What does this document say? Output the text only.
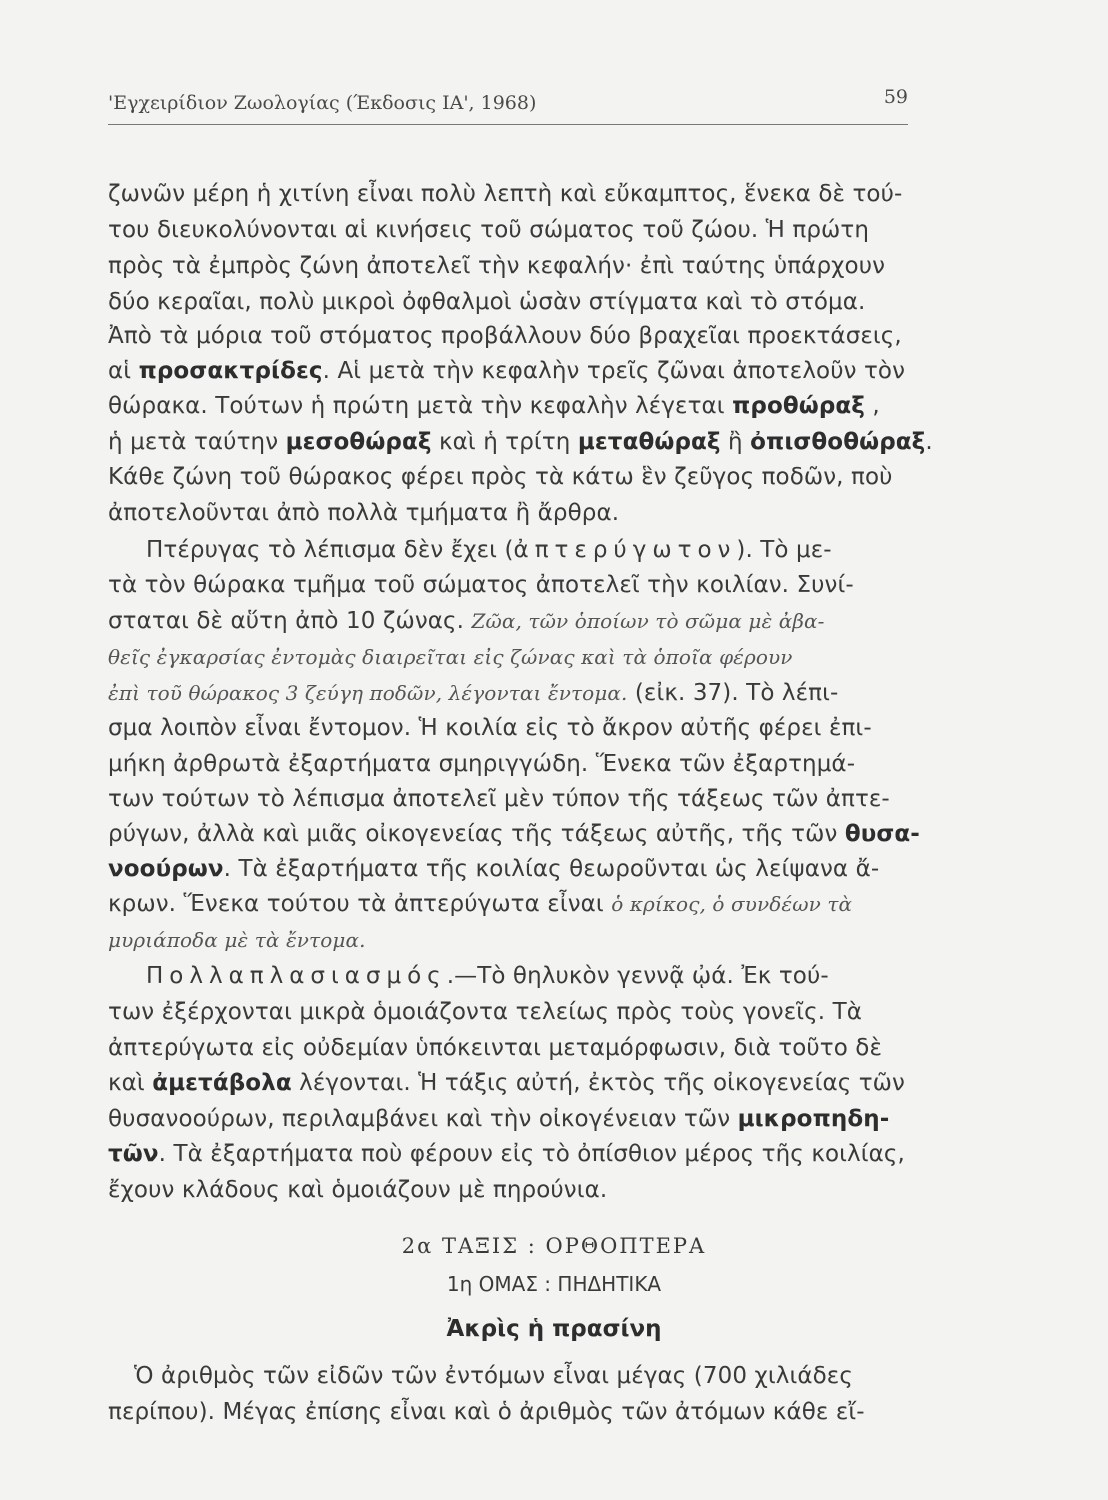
'Εγχειρίδιον Ζωολογίας (Έκδοσις ΙΑ', 1968)	59
ζωνῶν μέρη ἡ χιτίνη εἶναι πολὺ λεπτὴ καὶ εὔκαμπτος, ἕνεκα δὲ τού-
του διευκολύνονται αἱ κινήσεις τοῦ σώματος τοῦ ζώου. Ἡ πρώτη
πρὸς τὰ ἐμπρὸς ζώνη ἀποτελεῖ τὴν κεφαλήν· ἐπὶ ταύτης ὑπάρχουν
δύο κεραῖαι, πολὺ μικροὶ ὀφθαλμοὶ ὡσὰν στίγματα καὶ τὸ στόμα.
Ἀπὸ τὰ μόρια τοῦ στόματος προβάλλουν δύο βραχεῖαι προεκτάσεις,
αἱ προσακτρίδες. Αἱ μετὰ τὴν κεφαλὴν τρεῖς ζῶναι ἀποτελοῦν τὸν
θώρακα. Τούτων ἡ πρώτη μετὰ τὴν κεφαλὴν λέγεται προθώραξ ,
ἡ μετὰ ταύτην μεσοθώραξ καὶ ἡ τρίτη μεταθώραξ ἢ ὀπισθοθώραξ.
Κάθε ζώνη τοῦ θώρακος φέρει πρὸς τὰ κάτω ἓν ζεῦγος ποδῶν, ποὺ
ἀποτελοῦνται ἀπὸ πολλὰ τμήματα ἢ ἄρθρα.
Πτέρυγας τὸ λέπισμα δὲν ἔχει (ἀπτερύγωτον). Τὸ με-
τὰ τὸν θώρακα τμῆμα τοῦ σώματος ἀποτελεῖ τὴν κοιλίαν. Συνί-
σταται δὲ αὕτη ἀπὸ 10 ζώνας. Ζῶα, τῶν ὁποίων τὸ σῶμα μὲ ἀβα-
θεῖς ἐγκαρσίας ἐντομὰς διαιρεῖται εἰς ζώνας καὶ τὰ ὁποῖα φέρουν
ἐπὶ τοῦ θώρακος 3 ζεύγη ποδῶν, λέγονται ἔντομα. (εἰκ. 37). Τὸ λέπι-
σμα λοιπὸν εἶναι ἔντομον. Ἡ κοιλία εἰς τὸ ἄκρον αὐτῆς φέρει ἐπι-
μήκη ἀρθρωτὰ ἐξαρτήματα σμηριγγώδη. Ἕνεκα τῶν ἐξαρτημά-
των τούτων τὸ λέπισμα ἀποτελεῖ μὲν τύπον τῆς τάξεως τῶν ἀπτε-
ρύγων, ἀλλὰ καὶ μιᾶς οἰκογενείας τῆς τάξεως αὐτῆς, τῆς τῶν θυσα-
νοούρων. Τὰ ἐξαρτήματα τῆς κοιλίας θεωροῦνται ὡς λείψανα ἄ-
κρων. Ἕνεκα τούτου τὰ ἀπτερύγωτα εἶναι ὁ κρίκος, ὁ συνδέων τὰ
μυριάποδα μὲ τὰ ἔντομα.
Πολλαπλασιασμός.—Τὸ θηλυκὸν γεννᾷ ᾠά. Ἐκ τού-
των ἐξέρχονται μικρὰ ὁμοιάζοντα τελείως πρὸς τοὺς γονεῖς. Τὰ
ἀπτερύγωτα εἰς οὐδεμίαν ὑπόκεινται μεταμόρφωσιν, διὰ τοῦτο δὲ
καὶ ἀμετάβολα λέγονται. Ἡ τάξις αὐτή, ἐκτὸς τῆς οἰκογενείας τῶν
θυσανοούρων, περιλαμβάνει καὶ τὴν οἰκογένειαν τῶν μικροπηδη-
τῶν. Τὰ ἐξαρτήματα ποὺ φέρουν εἰς τὸ ὀπίσθιον μέρος τῆς κοιλίας,
ἔχουν κλάδους καὶ ὁμοιάζουν μὲ πηρούνια.
2α ΤΑΞΙΣ : ΟΡΘΟΠΤΕΡΑ
1η ΟΜΑΣ : ΠΗΔΗΤΙΚΑ
Ἀκρὶς ἡ πρασίνη
Ὁ ἀριθμὸς τῶν εἰδῶν τῶν ἐντόμων εἶναι μέγας (700 χιλιάδες
περίπου). Μέγας ἐπίσης εἶναι καὶ ὁ ἀριθμὸς τῶν ἀτόμων κάθε εἴ-
